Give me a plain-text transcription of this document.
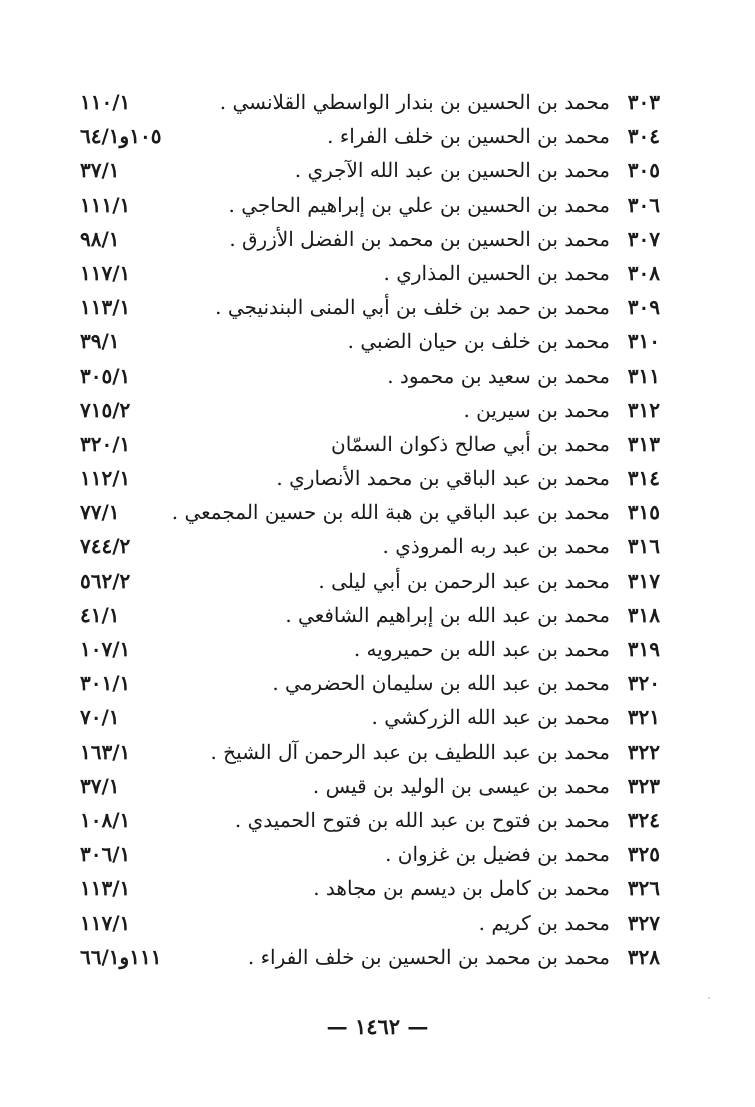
٣٠٣
محمد بن الحسين بن بندار الواسطي القلانسي .
١١٠/١
٣٠٤
محمد بن الحسين بن خلف الفراء .
١٠٥و٦٤/١
٣٠٥
محمد بن الحسين بن عبد الله الآجري .
٣٧/١
٣٠٦
محمد بن الحسين بن علي بن إبراهيم الحاجي .
١١١/١
٣٠٧
محمد بن الحسين بن محمد بن الفضل الأزرق .
٩٨/١
٣٠٨
محمد بن الحسين المذاري .
١١٧/١
٣٠٩
محمد بن حمد بن خلف بن أبي المنى البندنيجي .
١١٣/١
٣١٠
محمد بن خلف بن حيان الضبي .
٣٩/١
٣١١
محمد بن سعيد بن محمود .
٣٠٥/١
٣١٢
محمد بن سيرين .
٧١٥/٢
٣١٣
محمد بن أبي صالح ذكوان السمّان
٣٢٠/١
٣١٤
محمد بن عبد الباقي بن محمد الأنصاري .
١١٢/١
٣١٥
محمد بن عبد الباقي بن هبة الله بن حسين المجمعي .
٧٧/١
٣١٦
محمد بن عبد ربه المروذي .
٧٤٤/٢
٣١٧
محمد بن عبد الرحمن بن أبي ليلى .
٥٦٢/٢
٣١٨
محمد بن عبد الله بن إبراهيم الشافعي .
٤١/١
٣١٩
محمد بن عبد الله بن حميرويه .
١٠٧/١
٣٢٠
محمد بن عبد الله بن سليمان الحضرمي .
٣٠١/١
٣٢١
محمد بن عبد الله الزركشي .
٧٠/١
٣٢٢
محمد بن عبد اللطيف بن عبد الرحمن آل الشيخ .
١٦٣/١
٣٢٣
محمد بن عيسى بن الوليد بن قيس .
٣٧/١
٣٢٤
محمد بن فتوح بن عبد الله بن فتوح الحميدي .
١٠٨/١
٣٢٥
محمد بن فضيل بن غزوان .
٣٠٦/١
٣٢٦
محمد بن كامل بن ديسم بن مجاهد .
١١٣/١
٣٢٧
محمد بن كريم .
١١٧/١
٣٢٨
محمد بن محمد بن الحسين بن خلف الفراء .
١١١و٦٦/١
— ١٤٦٢ —
